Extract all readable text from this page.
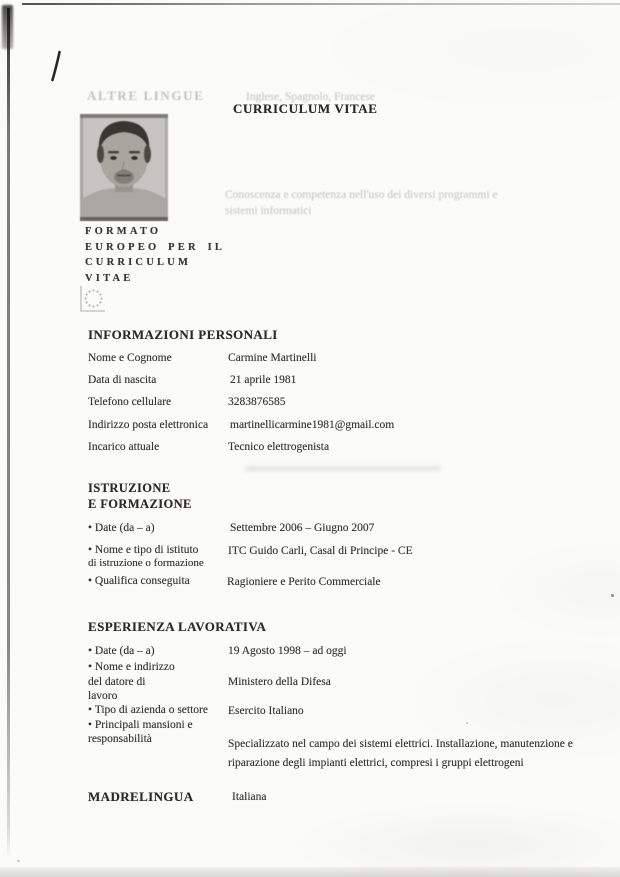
ALTRE LINGUE	Inglese, Spagnolo, Francese
Conoscenza e competenza nell'uso dei diversi programmi e
sistemi informatici
CURRICULUM VITAE
FORMATO
EUROPEO PER IL
CURRICULUM
VITAE
INFORMAZIONI PERSONALI
Nome e Cognome	Carmine Martinelli
Data di nascita	21 aprile 1981
Telefono cellulare	3283876585
Indirizzo posta elettronica martinellicarmine1981@gmail.com
Incarico attuale	Tecnico elettrogenista
ISTRUZIONE
E FORMAZIONE
• Date (da – a)	Settembre 2006 – Giugno 2007
• Nome e tipo di istituto
di istruzione o formazione
ITC Guido Carli, Casal di Principe - CE
• Qualifica conseguita	Ragioniere e Perito Commerciale
ESPERIENZA LAVORATIVA
• Date (da – a)	19 Agosto 1998 – ad oggi
• Nome e indirizzo
del datore di
lavoro
Ministero della Difesa
• Tipo di azienda o settore Esercito Italiano
• Principali mansioni e
responsabilità	Specializzato nel campo dei sistemi elettrici. Installazione, manutenzione e riparazione degli impianti elettrici, compresi i gruppi elettrogeni
MADRELINGUA	Italiana
